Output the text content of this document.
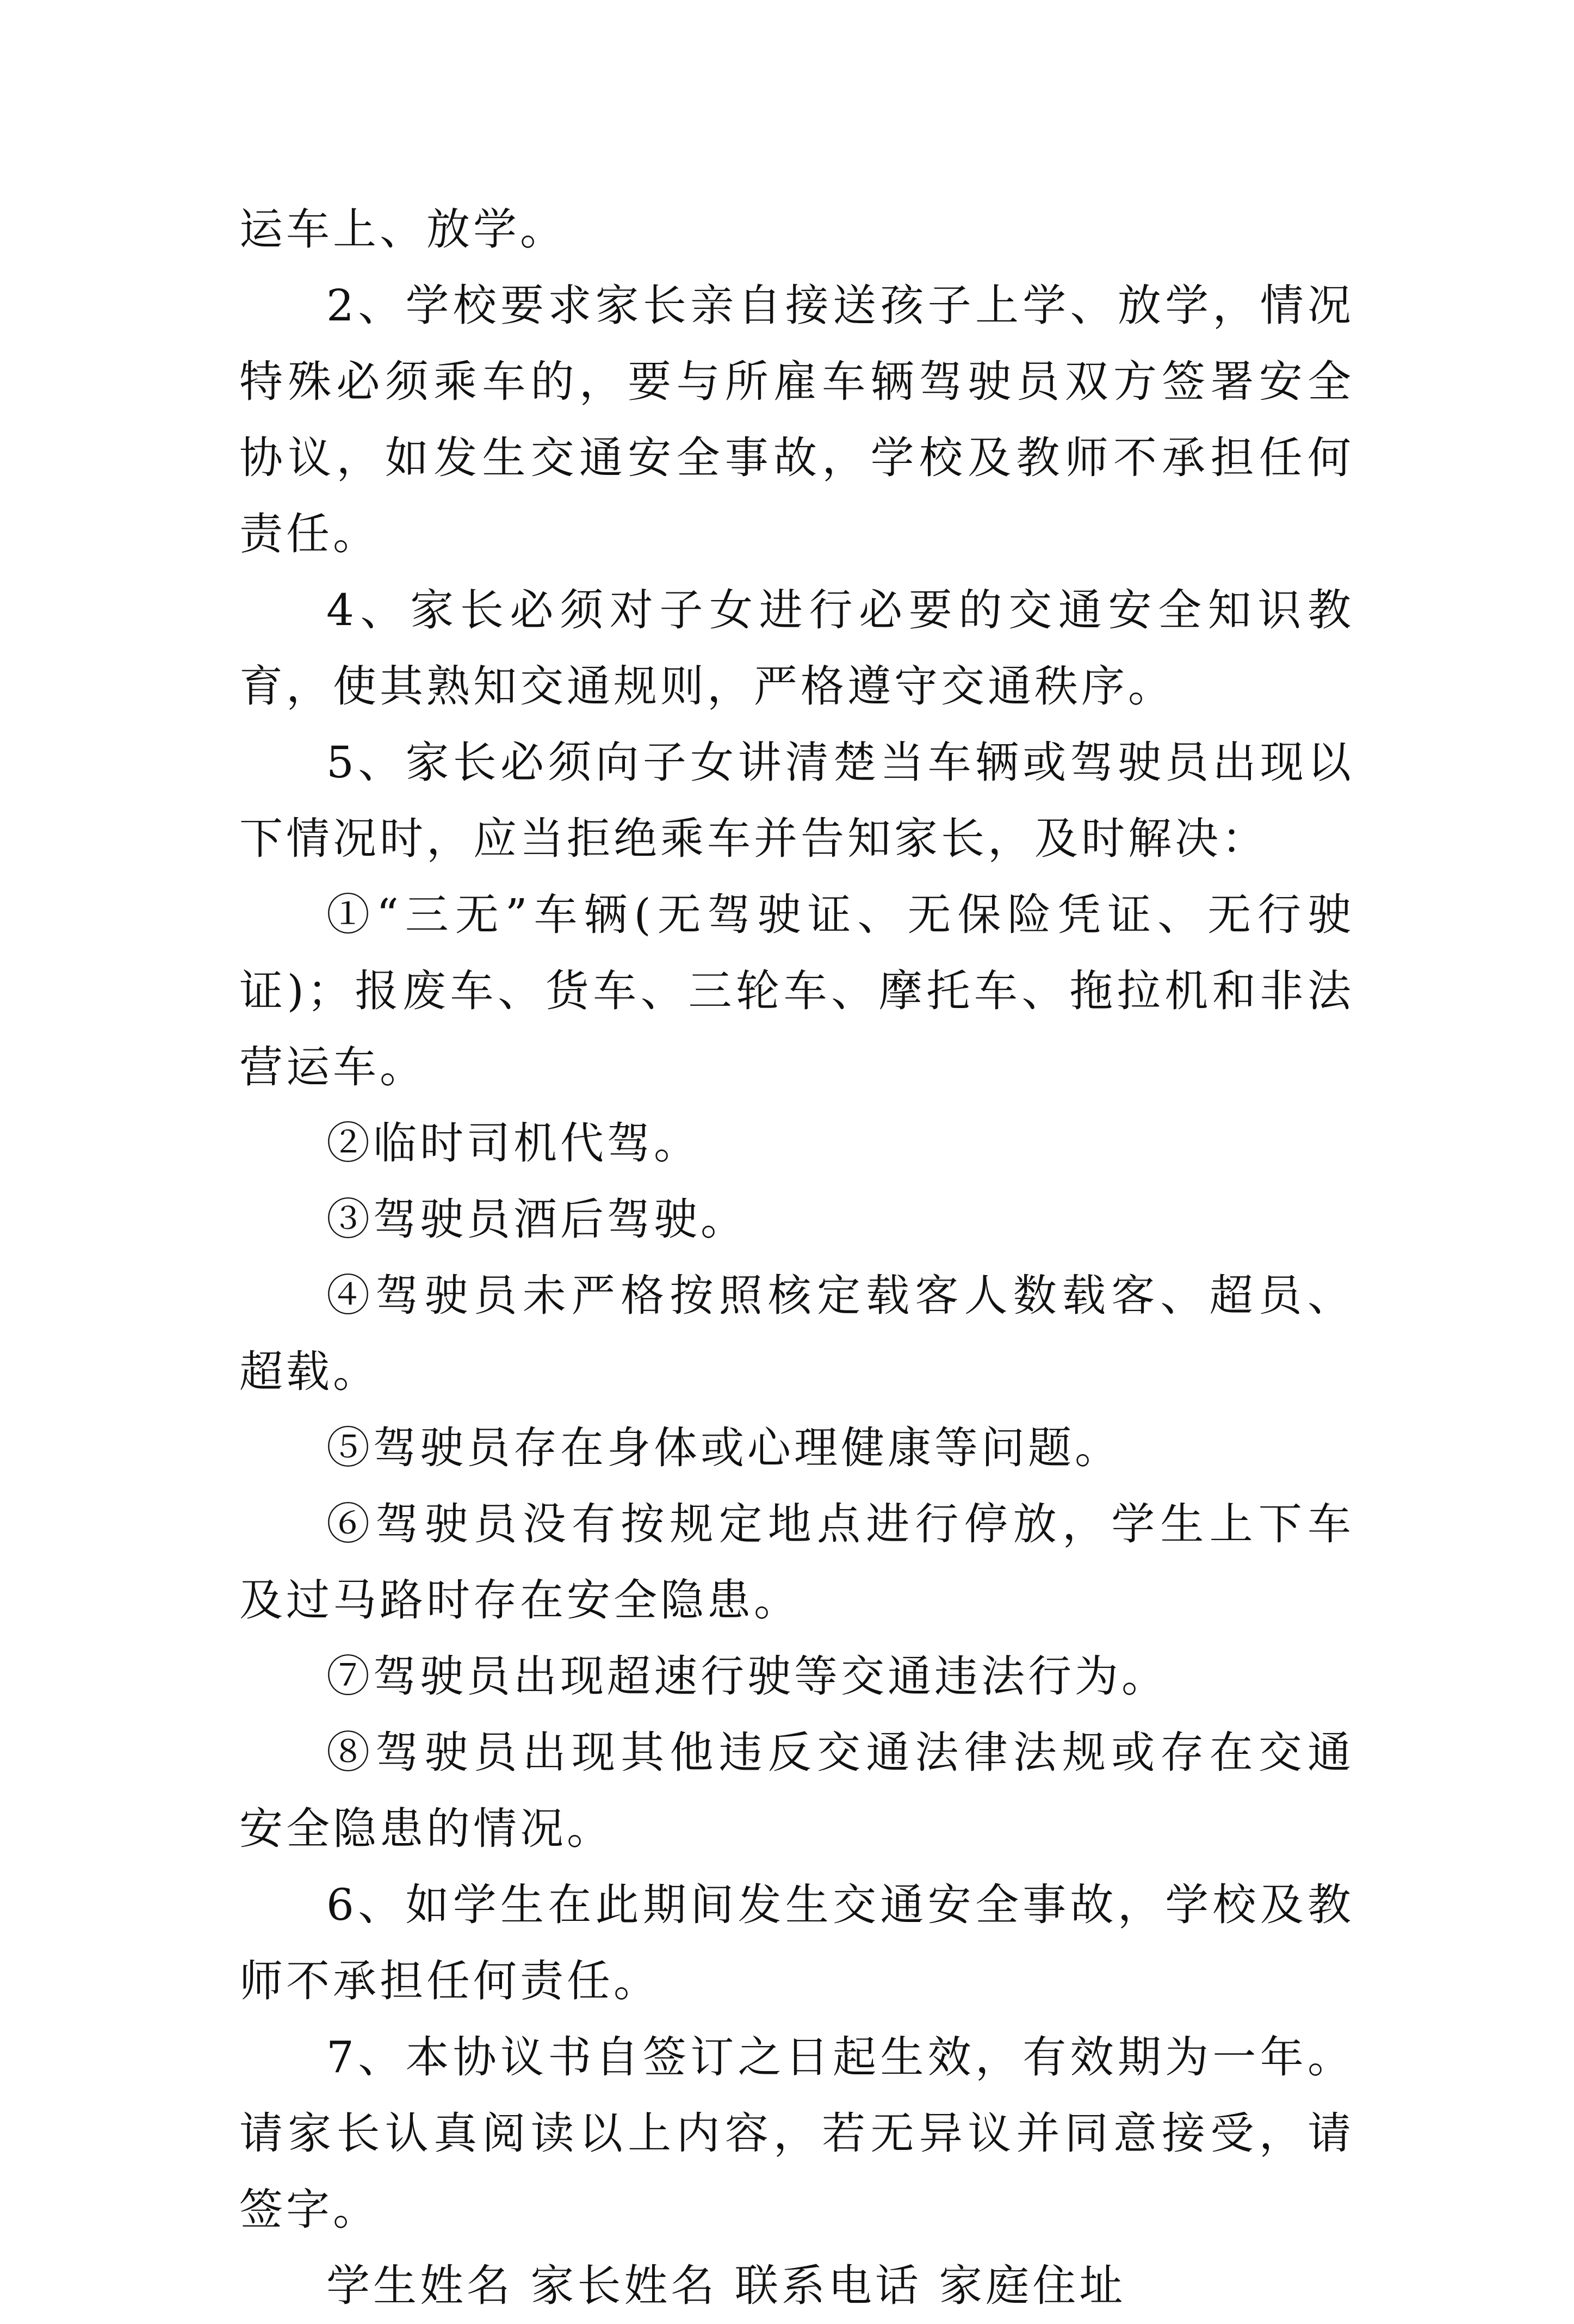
运车上、放学。

2、学校要求家长亲自接送孩子上学、放学，情况特殊必须乘车的，要与所雇车辆驾驶员双方签署安全协议，如发生交通安全事故，学校及教师不承担任何责任。

4、家长必须对子女进行必要的交通安全知识教育，使其熟知交通规则，严格遵守交通秩序。

5、家长必须向子女讲清楚当车辆或驾驶员出现以下情况时，应当拒绝乘车并告知家长，及时解决：

①“三无”车辆(无驾驶证、无保险凭证、无行驶证)；报废车、货车、三轮车、摩托车、拖拉机和非法营运车。

②临时司机代驾。

③驾驶员酒后驾驶。

④驾驶员未严格按照核定载客人数载客、超员、超载。

⑤驾驶员存在身体或心理健康等问题。

⑥驾驶员没有按规定地点进行停放，学生上下车及过马路时存在安全隐患。

⑦驾驶员出现超速行驶等交通违法行为。

⑧驾驶员出现其他违反交通法律法规或存在交通安全隐患的情况。

6、如学生在此期间发生交通安全事故，学校及教师不承担任何责任。

7、本协议书自签订之日起生效，有效期为一年。请家长认真阅读以上内容，若无异议并同意接受，请签字。

学生姓名 家长姓名 联系电话 家庭住址
